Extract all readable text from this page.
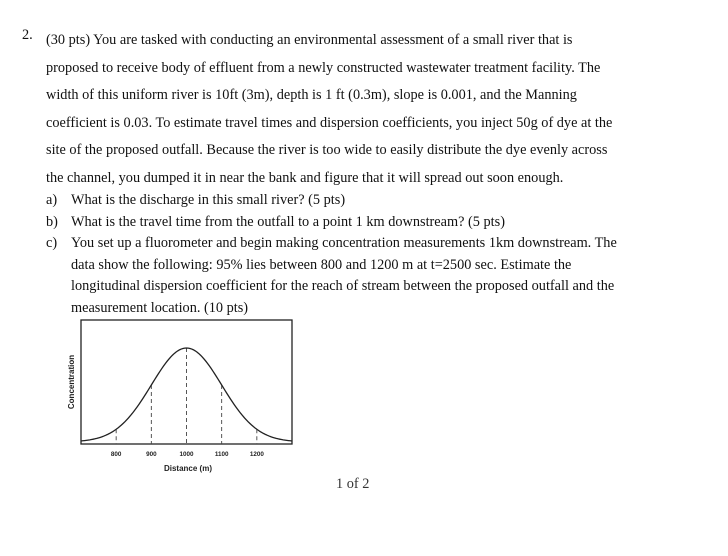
2. (30 pts) You are tasked with conducting an environmental assessment of a small river that is
proposed to receive body of effluent from a newly constructed wastewater treatment facility. The
width of this uniform river is 10ft (3m), depth is 1 ft (0.3m), slope is 0.001, and the Manning
coefficient is 0.03. To estimate travel times and dispersion coefficients, you inject 50g of dye at the
site of the proposed outfall. Because the river is too wide to easily distribute the dye evenly across
the channel, you dumped it in near the bank and figure that it will spread out soon enough.
a) What is the discharge in this small river? (5 pts)
b) What is the travel time from the outfall to a point 1 km downstream? (5 pts)
c) You set up a fluorometer and begin making concentration measurements 1km downstream. The
data show the following: 95% lies between 800 and 1200 m at t=2500 sec. Estimate the
longitudinal dispersion coefficient for the reach of stream between the proposed outfall and the
measurement location. (10 pts)
800	900	1000	1100	1200
Concentration
Distance (m)
1 of 2
